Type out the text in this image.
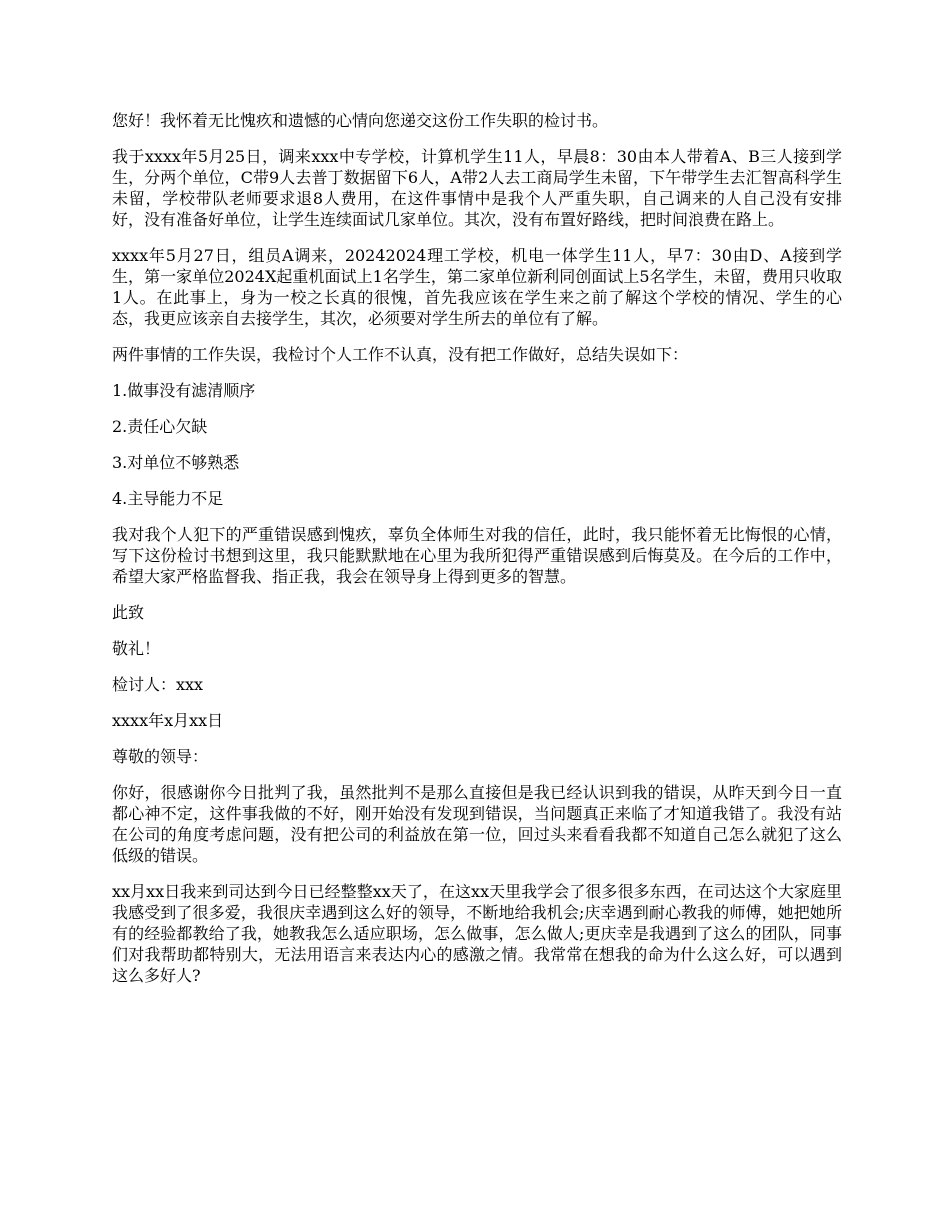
您好！我怀着无比愧疚和遗憾的心情向您递交这份工作失职的检讨书。

我于xxxx年5月25日，调来xxx中专学校，计算机学生11人，早晨8：30由本人带着A、B三人接到学生，分两个单位，C带9人去普丁数据留下6人，A带2人去工商局学生未留，下午带学生去汇智高科学生未留，学校带队老师要求退8人费用，在这件事情中是我个人严重失职，自己调来的人自己没有安排好，没有准备好单位，让学生连续面试几家单位。其次，没有布置好路线，把时间浪费在路上。

xxxx年5月27日，组员A调来，20242024理工学校，机电一体学生11人，早7：30由D、A接到学生，第一家单位2024X起重机面试上1名学生，第二家单位新利同创面试上5名学生，未留，费用只收取1人。在此事上，身为一校之长真的很愧，首先我应该在学生来之前了解这个学校的情况、学生的心态，我更应该亲自去接学生，其次，必须要对学生所去的单位有了解。

两件事情的工作失误，我检讨个人工作不认真，没有把工作做好，总结失误如下：

1.做事没有滤清顺序

2.责任心欠缺

3.对单位不够熟悉

4.主导能力不足

我对我个人犯下的严重错误感到愧疚，辜负全体师生对我的信任，此时，我只能怀着无比悔恨的心情，写下这份检讨书想到这里，我只能默默地在心里为我所犯得严重错误感到后悔莫及。在今后的工作中，希望大家严格监督我、指正我，我会在领导身上得到更多的智慧。

此致

敬礼！

检讨人：xxx

xxxx年x月xx日

尊敬的领导：

你好，很感谢你今日批判了我，虽然批判不是那么直接但是我已经认识到我的错误，从昨天到今日一直都心神不定，这件事我做的不好，刚开始没有发现到错误，当问题真正来临了才知道我错了。我没有站在公司的角度考虑问题，没有把公司的利益放在第一位，回过头来看看我都不知道自己怎么就犯了这么低级的错误。

xx月xx日我来到司达到今日已经整整xx天了，在这xx天里我学会了很多很多东西，在司达这个大家庭里我感受到了很多爱，我很庆幸遇到这么好的领导，不断地给我机会;庆幸遇到耐心教我的师傅，她把她所有的经验都教给了我，她教我怎么适应职场，怎么做事，怎么做人;更庆幸是我遇到了这么的团队，同事们对我帮助都特别大，无法用语言来表达内心的感激之情。我常常在想我的命为什么这么好，可以遇到这么多好人?
